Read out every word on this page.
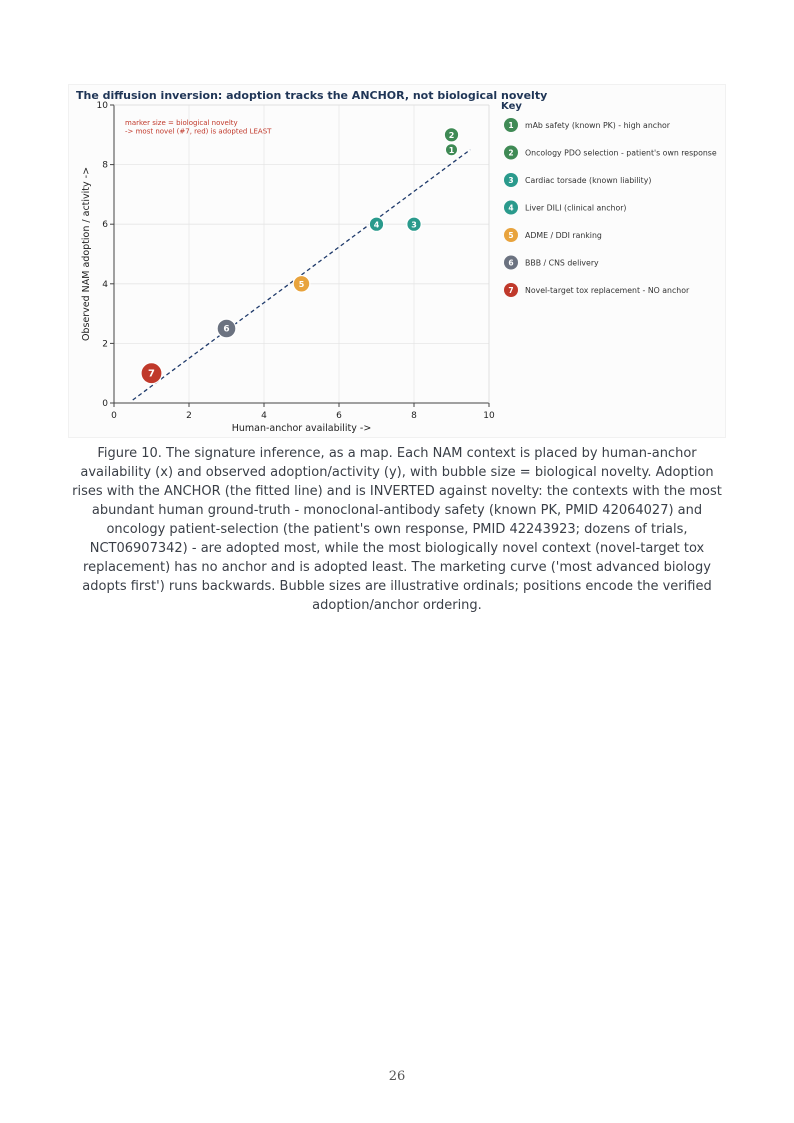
The diffusion inversion: adoption tracks the ANCHOR, not biological novelty
0	2	4	6	8	10
0
2
4
6
8
10
Human-anchor availability ->
Observed NAM adoption / activity ->
marker size = biological novelty
-> most novel (#7, red) is adopted LEAST
7
6
5
2
3
4
1
Key
1 mAb safety (known PK) - high anchor
2 Oncology PDO selection - patient's own response
3 Cardiac torsade (known liability)
4 Liver DILI (clinical anchor)
5 ADME / DDI ranking
6 BBB / CNS delivery
7 Novel-target tox replacement - NO anchor
Figure 10. The signature inference, as a map. Each NAM context is placed by human-anchor availability (x) and observed adoption/activity (y), with bubble size = biological novelty. Adoption rises with the ANCHOR (the fitted line) and is INVERTED against novelty: the contexts with the most abundant human ground-truth - monoclonal-antibody safety (known PK, PMID 42064027) and oncology patient-selection (the patient's own response, PMID 42243923; dozens of trials, NCT06907342) - are adopted most, while the most biologically novel context (novel-target tox replacement) has no anchor and is adopted least. The marketing curve ('most advanced biology adopts first') runs backwards. Bubble sizes are illustrative ordinals; positions encode the verified adoption/anchor ordering.
26
